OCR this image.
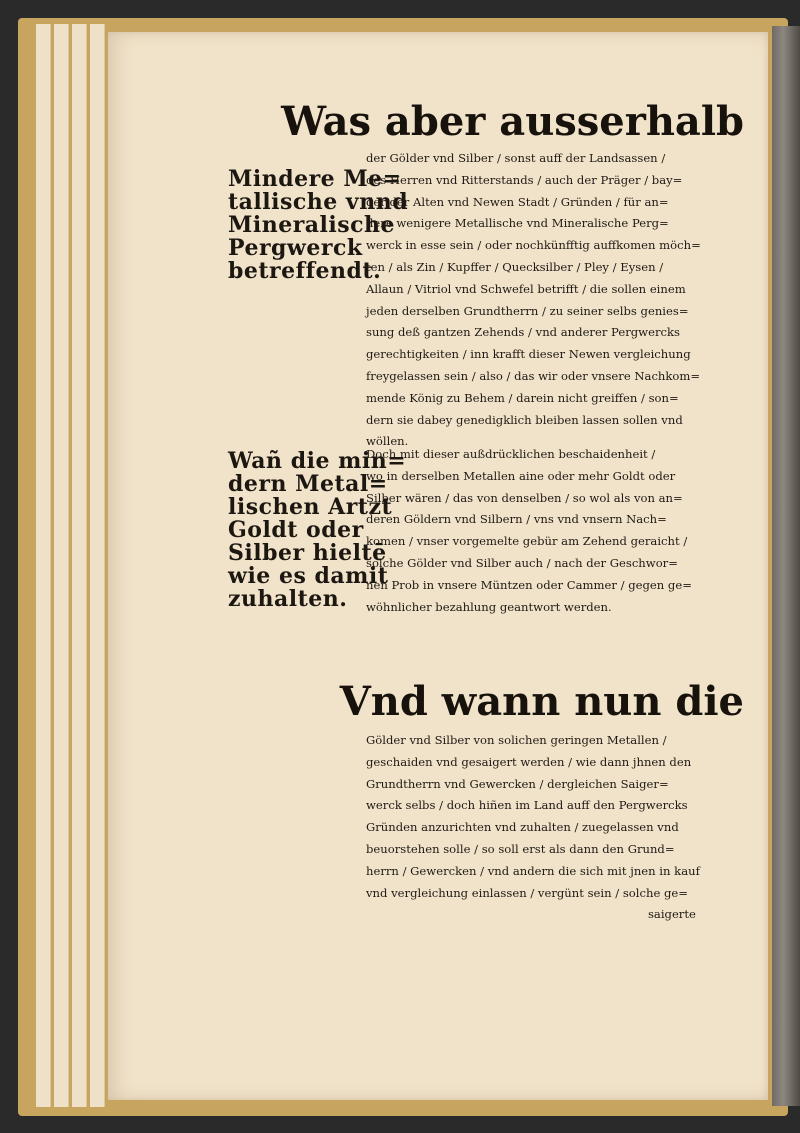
Was aber ausserhalb
Mindere Me=
tallische vnnd
Mineralische
Pergwerck
betreffendt.
der Gölder vnd Silber / sonst auff der Landsassen /
des Herren vnd Ritterstands / auch der Präger / bay=
der der Alten vnd Newen Stadt / Gründen / für an=
dere wenigere Metallische vnd Mineralische Perg=
werck in esse sein / oder nochkünfftig auffkomen möch=
ten / als Zin / Kupffer / Quecksilber / Pley / Eysen /
Allaun / Vitriol vnd Schwefel betrifft / die sollen einem
jeden derselben Grundtherrn / zu seiner selbs genies=
sung deß gantzen Zehends / vnd anderer Pergwercks
gerechtigkeiten / inn krafft dieser Newen vergleichung
freygelassen sein / also / das wir oder vnsere Nachkom=
mende König zu Behem / darein nicht greiffen / son=
dern sie dabey genedigklich bleiben lassen sollen vnd
wöllen.
Wañ die min=
dern Metal=
lischen Artzt
Goldt oder
Silber hieltē
wie es damit
zuhalten.
Doch mit dieser außdrücklichen beschaidenheit /
wo in derselben Metallen aine oder mehr Goldt oder
Silber wären / das von denselben / so wol als von an=
deren Göldern vnd Silbern / vns vnd vnsern Nach=
komen / vnser vorgemelte gebür am Zehend geraicht /
solche Gölder vnd Silber auch / nach der Geschwor=
nen Prob in vnsere Müntzen oder Cammer / gegen ge=
wöhnlicher bezahlung geantwort werden.
Vnd wann nun die
Gölder vnd Silber von solichen geringen Metallen /
geschaiden vnd gesaigert werden / wie dann jhnen den
Grundtherrn vnd Gewercken / dergleichen Saiger=
werck selbs / doch hiñen im Land auff den Pergwercks
Gründen anzurichten vnd zuhalten / zuegelassen vnd
beuorstehen solle / so soll erst als dann den Grund=
herrn / Gewercken / vnd andern die sich mit jnen in kauf
vnd vergleichung einlassen / vergünt sein / solche ge=
saigerte
